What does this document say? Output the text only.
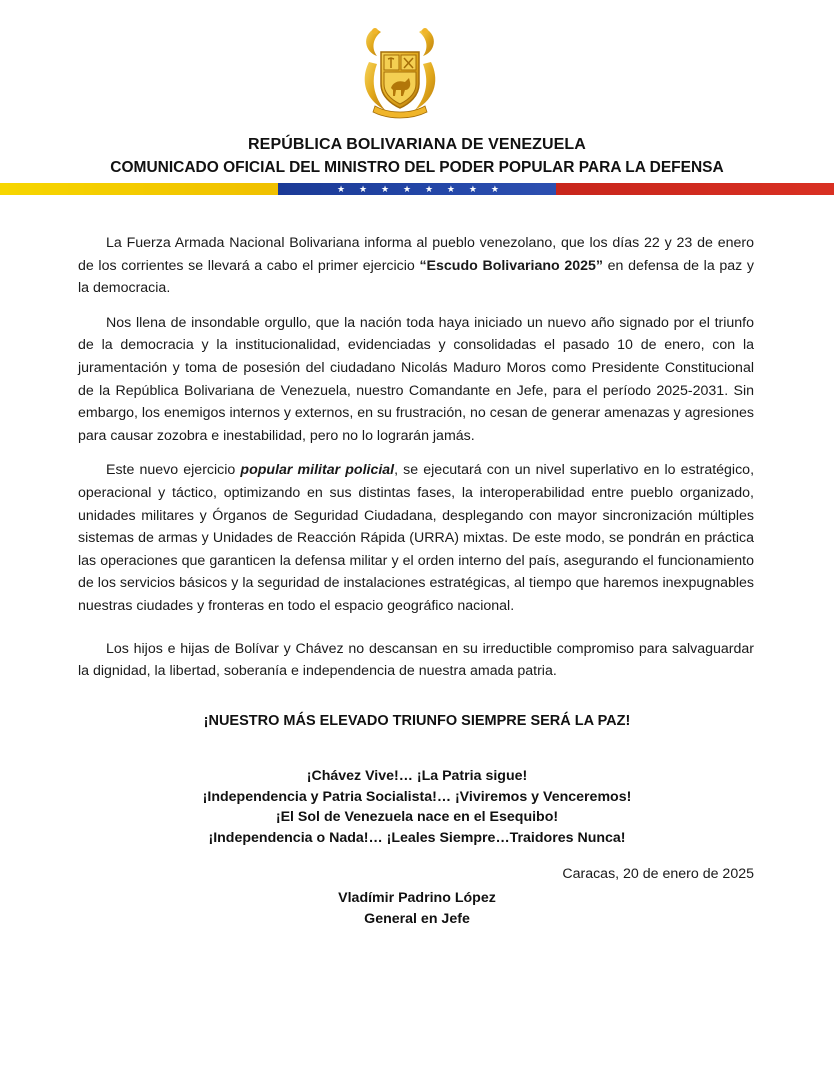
REPÚBLICA BOLIVARIANA DE VENEZUELA
COMUNICADO OFICIAL DEL MINISTRO DEL PODER POPULAR PARA LA DEFENSA
★ ★ ★ ★ ★ ★ ★ ★

La Fuerza Armada Nacional Bolivariana informa al pueblo venezolano, que los días 22 y 23 de enero de los corrientes se llevará a cabo el primer ejercicio “Escudo Bolivariano 2025” en defensa de la paz y la democracia.

Nos llena de insondable orgullo, que la nación toda haya iniciado un nuevo año signado por el triunfo de la democracia y la institucionalidad, evidenciadas y consolidadas el pasado 10 de enero, con la juramentación y toma de posesión del ciudadano Nicolás Maduro Moros como Presidente Constitucional de la República Bolivariana de Venezuela, nuestro Comandante en Jefe, para el período 2025-2031. Sin embargo, los enemigos internos y externos, en su frustración, no cesan de generar amenazas y agresiones para causar zozobra e inestabilidad, pero no lo lograrán jamás.

Este nuevo ejercicio popular militar policial, se ejecutará con un nivel superlativo en lo estratégico, operacional y táctico, optimizando en sus distintas fases, la interoperabilidad entre pueblo organizado, unidades militares y Órganos de Seguridad Ciudadana, desplegando con mayor sincronización múltiples sistemas de armas y Unidades de Reacción Rápida (URRA) mixtas. De este modo, se pondrán en práctica las operaciones que garanticen la defensa militar y el orden interno del país, asegurando el funcionamiento de los servicios básicos y la seguridad de instalaciones estratégicas, al tiempo que haremos inexpugnables nuestras ciudades y fronteras en todo el espacio geográfico nacional.

Los hijos e hijas de Bolívar y Chávez no descansan en su irreductible compromiso para salvaguardar la dignidad, la libertad, soberanía e independencia de nuestra amada patria.

¡NUESTRO MÁS ELEVADO TRIUNFO SIEMPRE SERÁ LA PAZ!
¡Chávez Vive!… ¡La Patria sigue!
¡Independencia y Patria Socialista!… ¡Viviremos y Venceremos!
¡El Sol de Venezuela nace en el Esequibo!
¡Independencia o Nada!… ¡Leales Siempre…Traidores Nunca!
Caracas, 20 de enero de 2025
Vladímir Padrino López
General en Jefe
